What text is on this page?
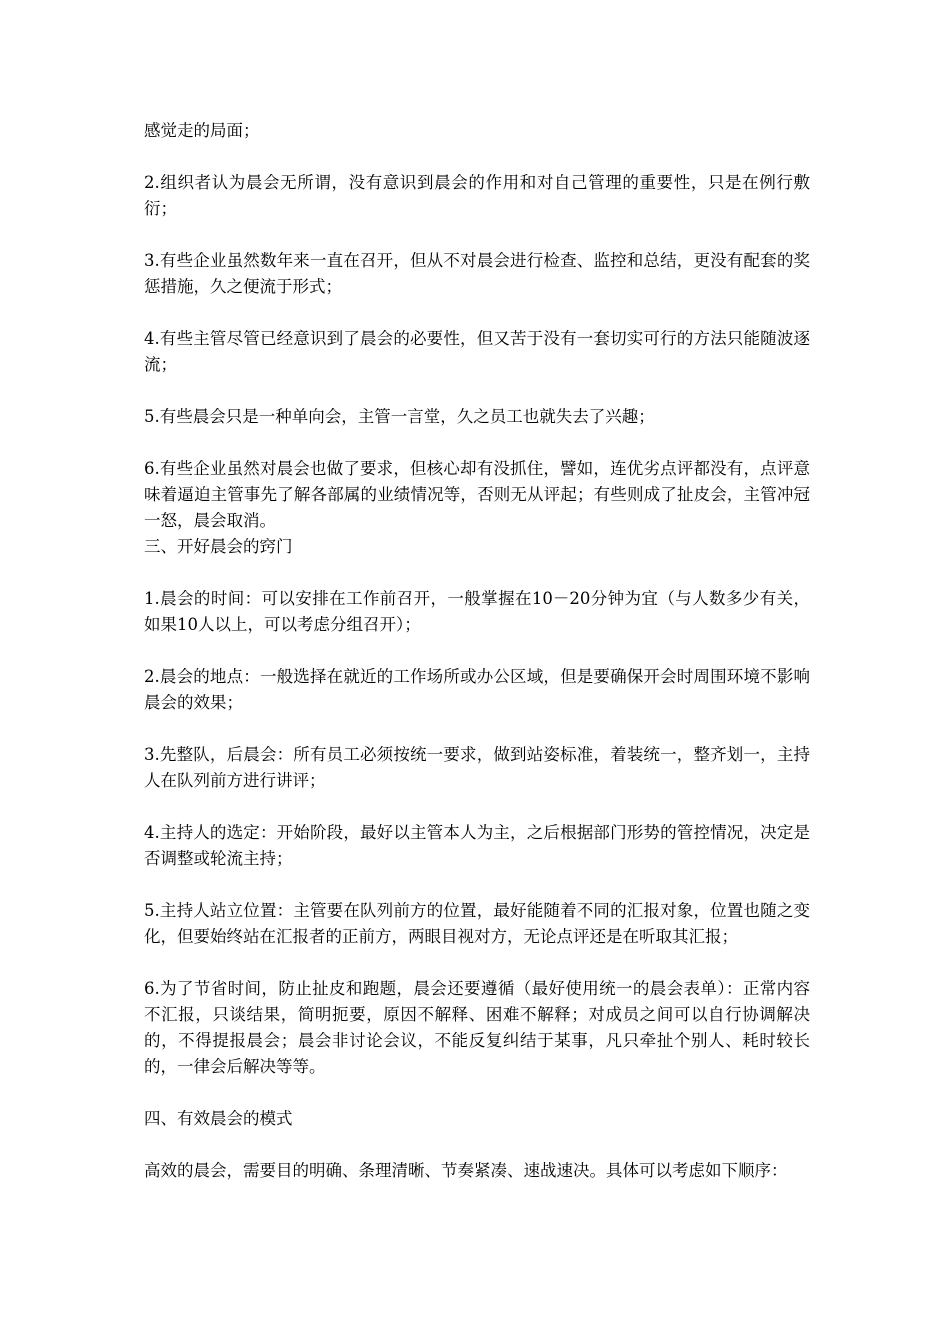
感觉走的局面；

2.组织者认为晨会无所谓，没有意识到晨会的作用和对自己管理的重要性，只是在例行敷衍；

3.有些企业虽然数年来一直在召开，但从不对晨会进行检查、监控和总结，更没有配套的奖惩措施，久之便流于形式；

4.有些主管尽管已经意识到了晨会的必要性，但又苦于没有一套切实可行的方法只能随波逐流；

5.有些晨会只是一种单向会，主管一言堂，久之员工也就失去了兴趣；

6.有些企业虽然对晨会也做了要求，但核心却有没抓住，譬如，连优劣点评都没有，点评意味着逼迫主管事先了解各部属的业绩情况等，否则无从评起；有些则成了扯皮会，主管冲冠一怒，晨会取消。

三、开好晨会的窍门

1.晨会的时间：可以安排在工作前召开，一般掌握在10－20分钟为宜（与人数多少有关，如果10人以上，可以考虑分组召开）；

2.晨会的地点：一般选择在就近的工作场所或办公区域，但是要确保开会时周围环境不影响晨会的效果；

3.先整队，后晨会：所有员工必须按统一要求，做到站姿标准，着装统一，整齐划一，主持人在队列前方进行讲评；

4.主持人的选定：开始阶段，最好以主管本人为主，之后根据部门形势的管控情况，决定是否调整或轮流主持；

5.主持人站立位置：主管要在队列前方的位置，最好能随着不同的汇报对象，位置也随之变化，但要始终站在汇报者的正前方，两眼目视对方，无论点评还是在听取其汇报；

6.为了节省时间，防止扯皮和跑题，晨会还要遵循（最好使用统一的晨会表单）：正常内容不汇报，只谈结果，简明扼要，原因不解释、困难不解释；对成员之间可以自行协调解决的，不得提报晨会；晨会非讨论会议，不能反复纠结于某事，凡只牵扯个别人、耗时较长的，一律会后解决等等。

四、有效晨会的模式

高效的晨会，需要目的明确、条理清晰、节奏紧凑、速战速决。具体可以考虑如下顺序：
